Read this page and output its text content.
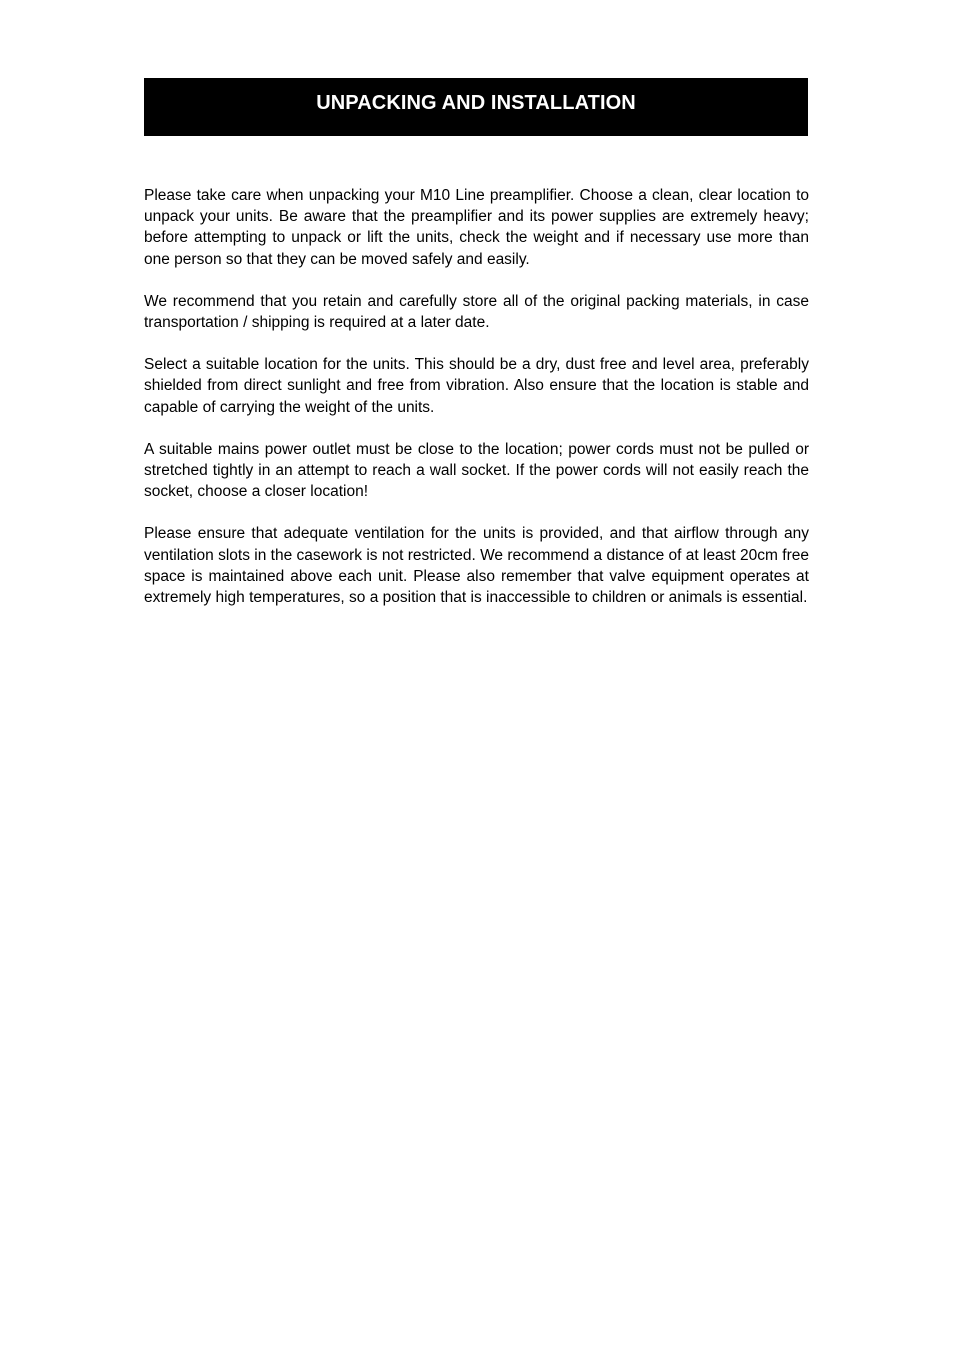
UNPACKING AND INSTALLATION

Please take care when unpacking your M10 Line preamplifier. Choose a clean, clear location to unpack your units. Be aware that the preamplifier and its power supplies are extremely heavy; before attempting to unpack or lift the units, check the weight and if necessary use more than one person so that they can be moved safely and easily.

We recommend that you retain and carefully store all of the original packing materials, in case transportation / shipping is required at a later date.

Select a suitable location for the units. This should be a dry, dust free and level area, preferably shielded from direct sunlight and free from vibration. Also ensure that the location is stable and capable of carrying the weight of the units.

A suitable mains power outlet must be close to the location; power cords must not be pulled or stretched tightly in an attempt to reach a wall socket. If the power cords will not easily reach the socket, choose a closer location!

Please ensure that adequate ventilation for the units is provided, and that airflow through any ventilation slots in the casework is not restricted. We recommend a distance of at least 20cm free space is maintained above each unit. Please also remember that valve equipment operates at extremely high temperatures, so a position that is inaccessible to children or animals is essential.
